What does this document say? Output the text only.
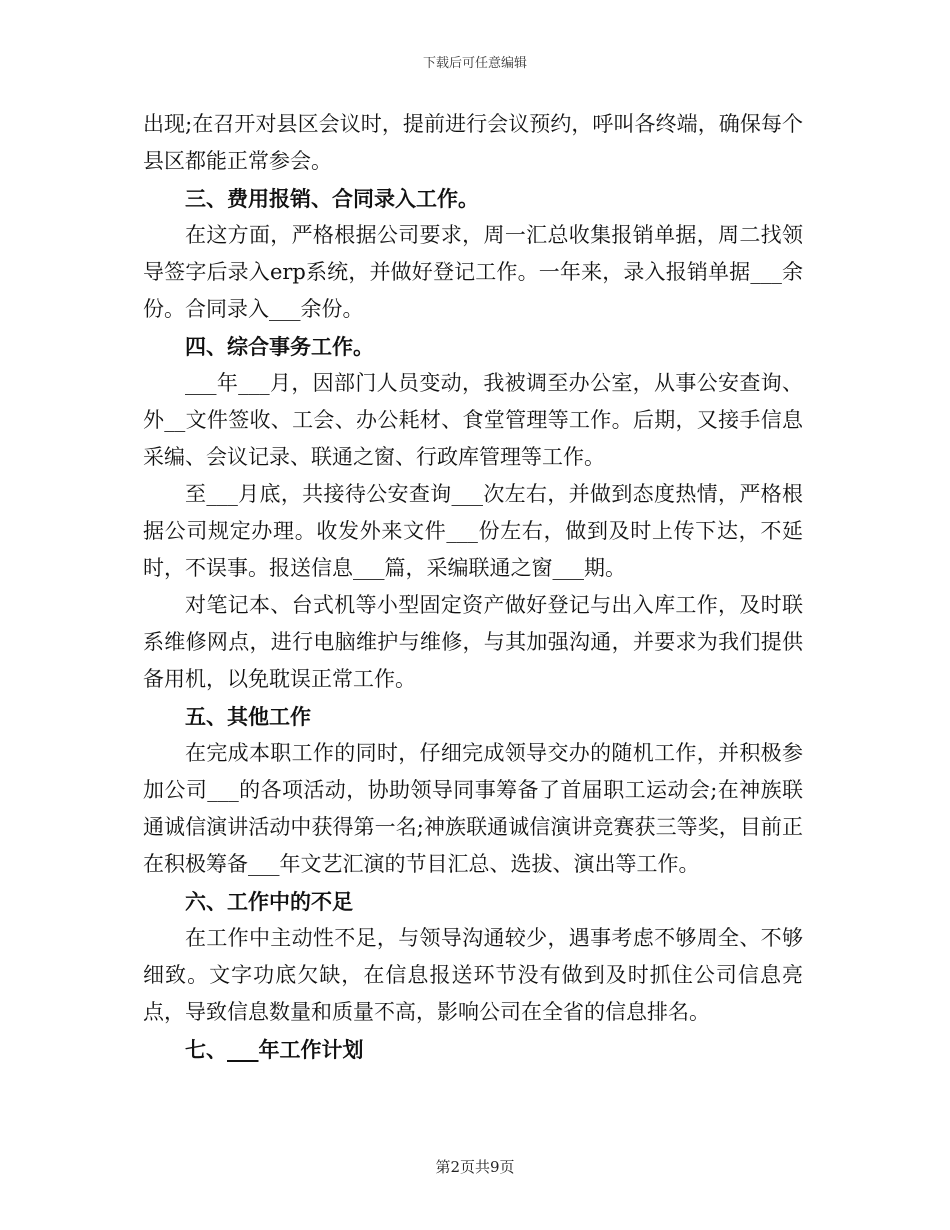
下载后可任意编辑

出现;在召开对县区会议时，提前进行会议预约，呼叫各终端，确保每个县区都能正常参会。

三、费用报销、合同录入工作。

在这方面，严格根据公司要求，周一汇总收集报销单据，周二找领导签字后录入erp系统，并做好登记工作。一年来，录入报销单据___余份。合同录入___余份。

四、综合事务工作。

___年___月，因部门人员变动，我被调至办公室，从事公安查询、外__文件签收、工会、办公耗材、食堂管理等工作。后期，又接手信息采编、会议记录、联通之窗、行政库管理等工作。

至___月底，共接待公安查询___次左右，并做到态度热情，严格根据公司规定办理。收发外来文件___份左右，做到及时上传下达，不延时，不误事。报送信息___篇，采编联通之窗___期。

对笔记本、台式机等小型固定资产做好登记与出入库工作，及时联系维修网点，进行电脑维护与维修，与其加强沟通，并要求为我们提供备用机，以免耽误正常工作。

五、其他工作

在完成本职工作的同时，仔细完成领导交办的随机工作，并积极参加公司___的各项活动，协助领导同事筹备了首届职工运动会;在神族联通诚信演讲活动中获得第一名;神族联通诚信演讲竞赛获三等奖，目前正在积极筹备___年文艺汇演的节目汇总、选拔、演出等工作。

六、工作中的不足

在工作中主动性不足，与领导沟通较少，遇事考虑不够周全、不够细致。文字功底欠缺，在信息报送环节没有做到及时抓住公司信息亮点，导致信息数量和质量不高，影响公司在全省的信息排名。

七、___年工作计划
第2页共9页
